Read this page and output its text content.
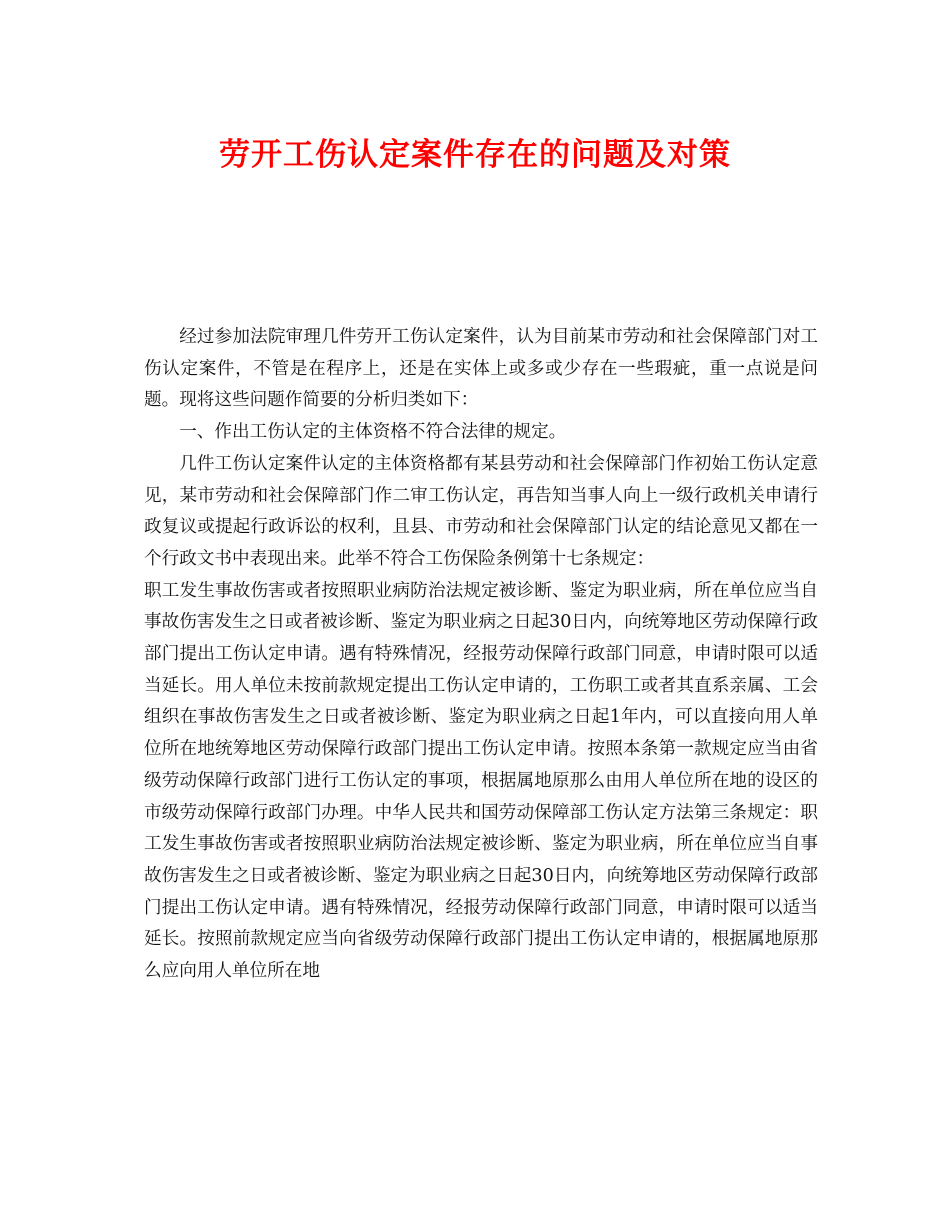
劳开工伤认定案件存在的问题及对策

经过参加法院审理几件劳开工伤认定案件，认为目前某市劳动和社会保障部门对工伤认定案件，不管是在程序上，还是在实体上或多或少存在一些瑕疵，重一点说是问题。现将这些问题作简要的分析归类如下：

一、作出工伤认定的主体资格不符合法律的规定。

几件工伤认定案件认定的主体资格都有某县劳动和社会保障部门作初始工伤认定意见，某市劳动和社会保障部门作二审工伤认定，再告知当事人向上一级行政机关申请行政复议或提起行政诉讼的权利，且县、市劳动和社会保障部门认定的结论意见又都在一个行政文书中表现出来。此举不符合工伤保险条例第十七条规定：

职工发生事故伤害或者按照职业病防治法规定被诊断、鉴定为职业病，所在单位应当自事故伤害发生之日或者被诊断、鉴定为职业病之日起30日内，向统筹地区劳动保障行政部门提出工伤认定申请。遇有特殊情况，经报劳动保障行政部门同意，申请时限可以适当延长。用人单位未按前款规定提出工伤认定申请的，工伤职工或者其直系亲属、工会组织在事故伤害发生之日或者被诊断、鉴定为职业病之日起1年内，可以直接向用人单位所在地统筹地区劳动保障行政部门提出工伤认定申请。按照本条第一款规定应当由省级劳动保障行政部门进行工伤认定的事项，根据属地原那么由用人单位所在地的设区的市级劳动保障行政部门办理。中华人民共和国劳动保障部工伤认定方法第三条规定：职工发生事故伤害或者按照职业病防治法规定被诊断、鉴定为职业病，所在单位应当自事故伤害发生之日或者被诊断、鉴定为职业病之日起30日内，向统筹地区劳动保障行政部门提出工伤认定申请。遇有特殊情况，经报劳动保障行政部门同意，申请时限可以适当延长。按照前款规定应当向省级劳动保障行政部门提出工伤认定申请的，根据属地原那么应向用人单位所在地
